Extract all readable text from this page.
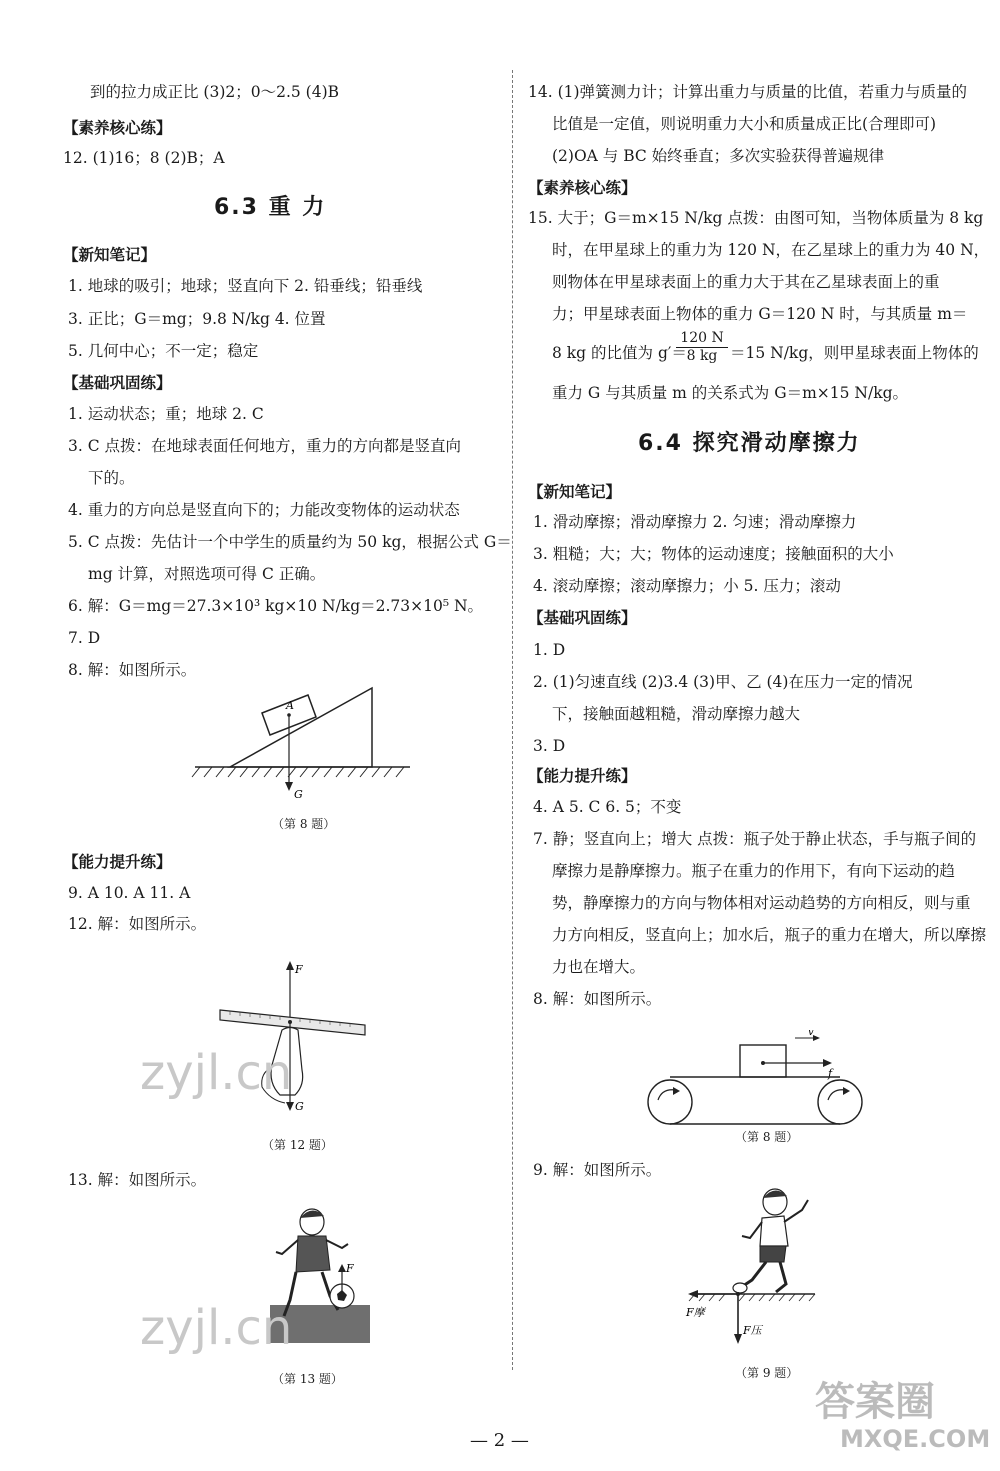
到的拉力成正比 (3)2；0～2.5 (4)B
【素养核心练】
12. (1)16；8 (2)B；A
6.3 重 力
【新知笔记】
1. 地球的吸引；地球；竖直向下 2. 铅垂线；铅垂线
3. 正比；G＝mg；9.8 N/kg 4. 位置
5. 几何中心；不一定；稳定
【基础巩固练】
1. 运动状态；重；地球 2. C
3. C 点拨：在地球表面任何地方，重力的方向都是竖直向
下的。
4. 重力的方向总是竖直向下的；力能改变物体的运动状态
5. C 点拨：先估计一个中学生的质量约为 50 kg，根据公式 G＝
mg 计算，对照选项可得 C 正确。
6. 解：G＝mg＝27.3×10³ kg×10 N/kg＝2.73×10⁵ N。
7. D
8. 解：如图所示。
A
G
（第 8 题）
【能力提升练】
9. A 10. A 11. A
12. 解：如图所示。
F
G
（第 12 题）
13. 解：如图所示。
F
（第 13 题）
14. (1)弹簧测力计；计算出重力与质量的比值，若重力与质量的
比值是一定值，则说明重力大小和质量成正比(合理即可)
(2)OA 与 BC 始终垂直；多次实验获得普遍规律
【素养核心练】
15. 大于；G＝m×15 N/kg 点拨：由图可知，当物体质量为 8 kg
时，在甲星球上的重力为 120 N，在乙星球上的重力为 40 N，
则物体在甲星球表面上的重力大于其在乙星球表面上的重
力；甲星球表面上物体的重力 G＝120 N 时，与其质量 m＝
8 kg 的比值为 g′＝
$\frac{120 N}{8 kg} =15$ N/kg，则甲星球表面上物体的
重力 G 与其质量 m 的关系式为 G＝m×15 N/kg。
6.4 探究滑动摩擦力
【新知笔记】
1. 滑动摩擦；滑动摩擦力 2. 匀速；滑动摩擦力
3. 粗糙；大；大；物体的运动速度；接触面积的大小
4. 滚动摩擦；滚动摩擦力；小 5. 压力；滚动
【基础巩固练】
1. D
2. (1)匀速直线 (2)3.4 (3)甲、乙 (4)在压力一定的情况
下，接触面越粗糙，滑动摩擦力越大
3. D
【能力提升练】
4. A 5. C 6. 5；不变
7. 静；竖直向上；增大 点拨：瓶子处于静止状态，手与瓶子间的
摩擦力是静摩擦力。瓶子在重力的作用下，有向下运动的趋
势，静摩擦力的方向与物体相对运动趋势的方向相反，则与重
力方向相反，竖直向上；加水后，瓶子的重力在增大，所以摩擦
力也在增大。
8. 解：如图所示。
f
v
（第 8 题）
9. 解：如图所示。
F摩
F压
（第 9 题）
— 2 —
zyjl.cn
zyjl.cn
答案圈
MXQE.COM
